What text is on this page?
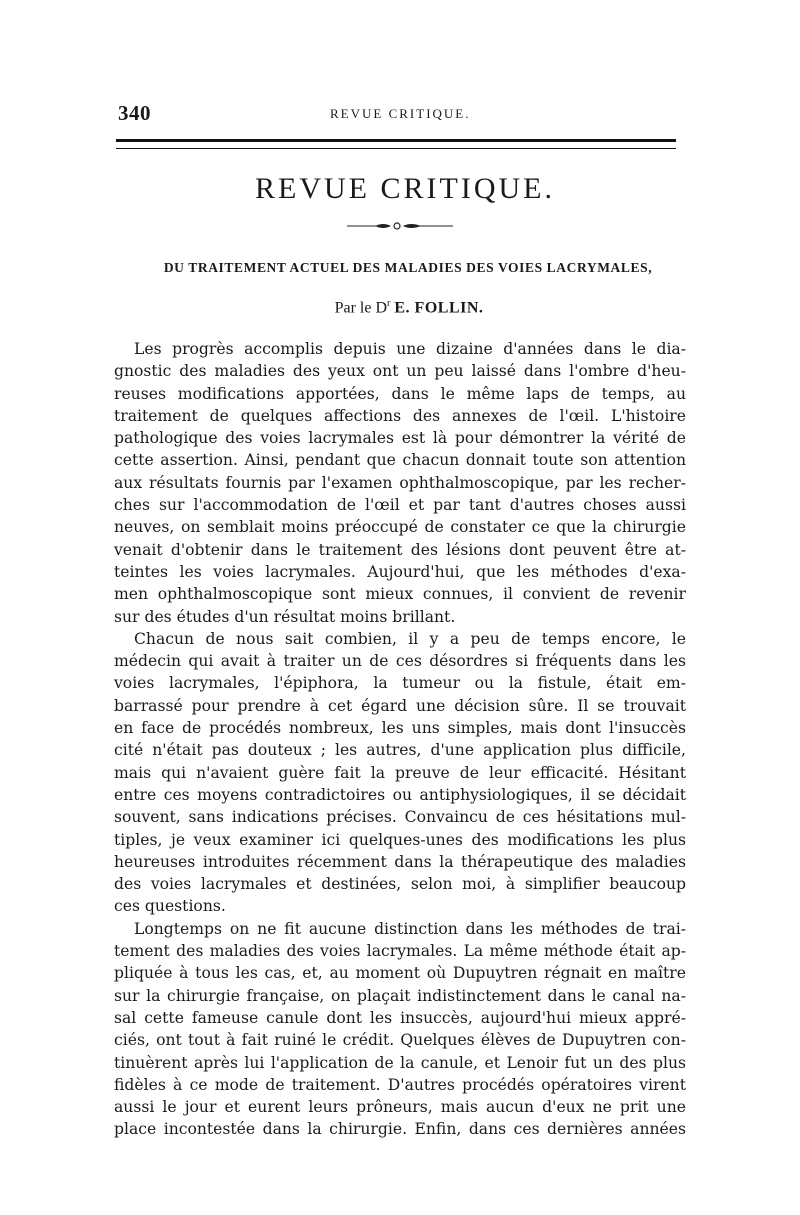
340	REVUE CRITIQUE.
REVUE CRITIQUE.
DU TRAITEMENT ACTUEL DES MALADIES DES VOIES LACRYMALES,
Par le $D^r$ E. FOLLIN.
Les progrès accomplis depuis une dizaine d'années dans le dia-
gnostic des maladies des yeux ont un peu laissé dans l'ombre d'heu-
reuses modifications apportées, dans le même laps de temps, au
traitement de quelques affections des annexes de l'œil. L'histoire
pathologique des voies lacrymales est là pour démontrer la vérité de
cette assertion. Ainsi, pendant que chacun donnait toute son attention
aux résultats fournis par l'examen ophthalmoscopique, par les recher-
ches sur l'accommodation de l'œil et par tant d'autres choses aussi
neuves, on semblait moins préoccupé de constater ce que la chirurgie
venait d'obtenir dans le traitement des lésions dont peuvent être at-
teintes les voies lacrymales. Aujourd'hui, que les méthodes d'exa-
men ophthalmoscopique sont mieux connues, il convient de revenir
sur des études d'un résultat moins brillant.
Chacun de nous sait combien, il y a peu de temps encore, le
médecin qui avait à traiter un de ces désordres si fréquents dans les
voies lacrymales, l'épiphora, la tumeur ou la fistule, était em-
barrassé pour prendre à cet égard une décision sûre. Il se trouvait
en face de procédés nombreux, les uns simples, mais dont l'insuccès
cité n'était pas douteux ; les autres, d'une application plus difficile,
mais qui n'avaient guère fait la preuve de leur efficacité. Hésitant
entre ces moyens contradictoires ou antiphysiologiques, il se décidait
souvent, sans indications précises. Convaincu de ces hésitations mul-
tiples, je veux examiner ici quelques-unes des modifications les plus
heureuses introduites récemment dans la thérapeutique des maladies
des voies lacrymales et destinées, selon moi, à simplifier beaucoup
ces questions.
Longtemps on ne fit aucune distinction dans les méthodes de trai-
tement des maladies des voies lacrymales. La même méthode était ap-
pliquée à tous les cas, et, au moment où Dupuytren régnait en maître
sur la chirurgie française, on plaçait indistinctement dans le canal na-
sal cette fameuse canule dont les insuccès, aujourd'hui mieux appré-
ciés, ont tout à fait ruiné le crédit. Quelques élèves de Dupuytren con-
tinuèrent après lui l'application de la canule, et Lenoir fut un des plus
fidèles à ce mode de traitement. D'autres procédés opératoires virent
aussi le jour et eurent leurs prôneurs, mais aucun d'eux ne prit une
place incontestée dans la chirurgie. Enfin, dans ces dernières années
